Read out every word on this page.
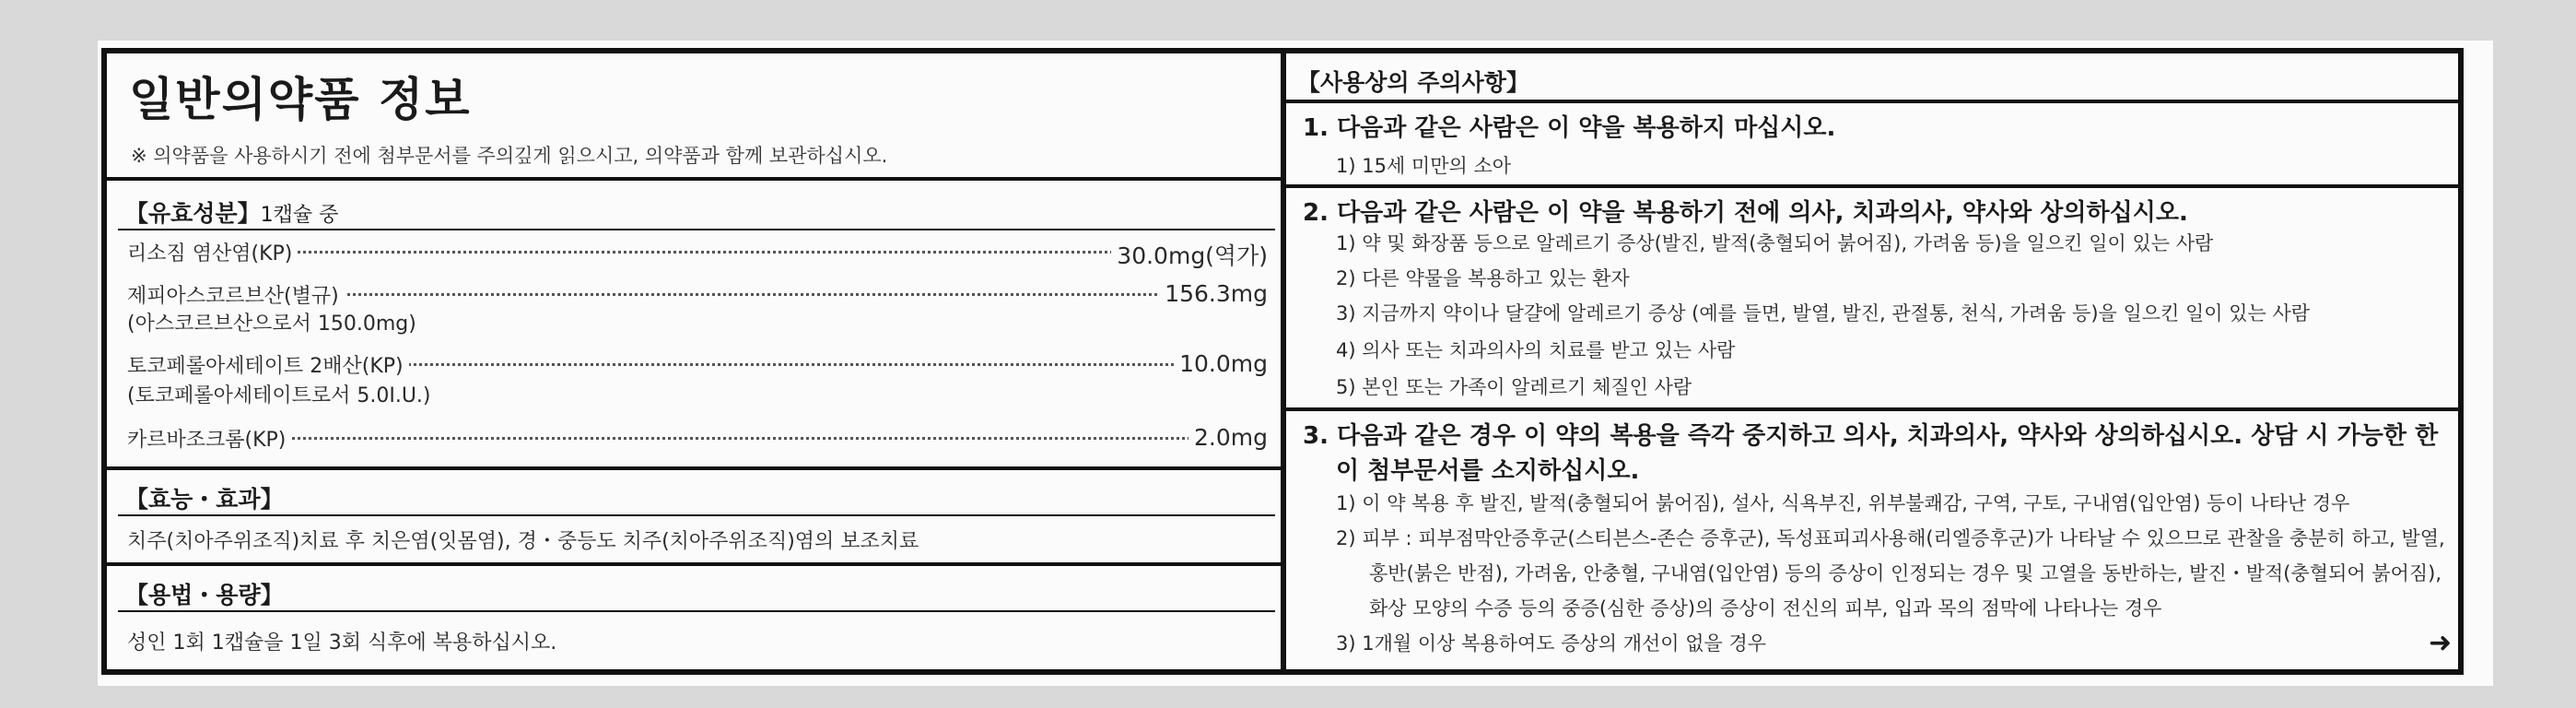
일반의약품 정보
※ 의약품을 사용하시기 전에 첨부문서를 주의깊게 읽으시고, 의약품과 함께 보관하십시오.
【유효성분】1캡슐 중
리소짐 염산염(KP)	30.0mg(역가)
제피아스코르브산(별규)	156.3mg
(아스코르브산으로서 150.0mg)
토코페롤아세테이트 2배산(KP)	10.0mg
(토코페롤아세테이트로서 5.0I.U.)
카르바조크롬(KP)	2.0mg
【효능・효과】
치주(치아주위조직)치료 후 치은염(잇몸염), 경・중등도 치주(치아주위조직)염의 보조치료
【용법・용량】
성인 1회 1캡슐을 1일 3회 식후에 복용하십시오.
【사용상의 주의사항】
1. 다음과 같은 사람은 이 약을 복용하지 마십시오.
1) 15세 미만의 소아
2. 다음과 같은 사람은 이 약을 복용하기 전에 의사, 치과의사, 약사와 상의하십시오.
1) 약 및 화장품 등으로 알레르기 증상(발진, 발적(충혈되어 붉어짐), 가려움 등)을 일으킨 일이 있는 사람
2) 다른 약물을 복용하고 있는 환자
3) 지금까지 약이나 달걀에 알레르기 증상 (예를 들면, 발열, 발진, 관절통, 천식, 가려움 등)을 일으킨 일이 있는 사람
4) 의사 또는 치과의사의 치료를 받고 있는 사람
5) 본인 또는 가족이 알레르기 체질인 사람
3. 다음과 같은 경우 이 약의 복용을 즉각 중지하고 의사, 치과의사, 약사와 상의하십시오. 상담 시 가능한 한
이 첨부문서를 소지하십시오.
1) 이 약 복용 후 발진, 발적(충혈되어 붉어짐), 설사, 식욕부진, 위부불쾌감, 구역, 구토, 구내염(입안염) 등이 나타난 경우
2) 피부 : 피부점막안증후군(스티븐스-존슨 증후군), 독성표피괴사용해(리엘증후군)가 나타날 수 있으므로 관찰을 충분히 하고, 발열,
홍반(붉은 반점), 가려움, 안충혈, 구내염(입안염) 등의 증상이 인정되는 경우 및 고열을 동반하는, 발진・발적(충혈되어 붉어짐),
화상 모양의 수증 등의 중증(심한 증상)의 증상이 전신의 피부, 입과 목의 점막에 나타나는 경우
3) 1개월 이상 복용하여도 증상의 개선이 없을 경우	➜
